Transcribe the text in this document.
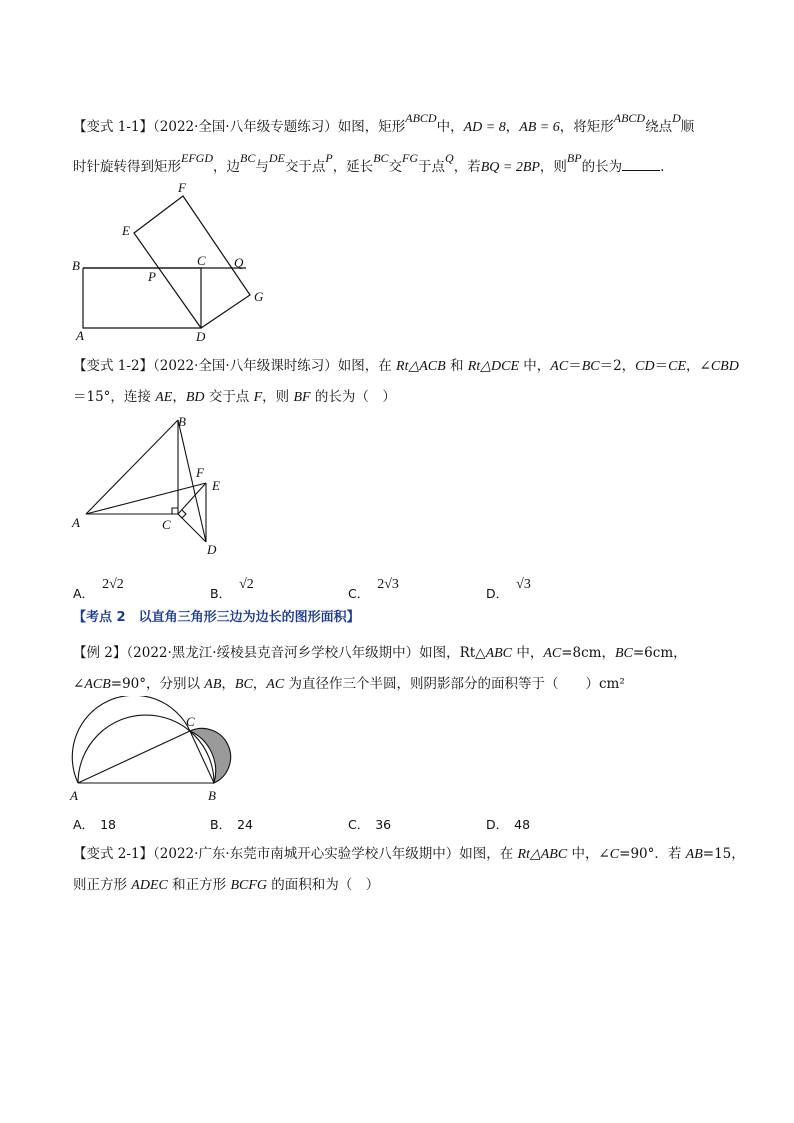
【变式 1-1】（2022·全国·八年级专题练习）如图，矩形ABCD中，AD = 8，AB = 6，将矩形ABCD绕点D顺
时针旋转得到矩形EFGD，边BC与DE交于点P，延长BC交FG于点Q，若BQ = 2BP，则BP的长为	.
F
E
B	C Q
P
G
A	D
【变式 1-2】（2022·全国·八年级课时练习）如图，在 Rt△ACB 和 Rt△DCE 中，AC＝BC＝2，CD＝CE，∠CBD
＝15°，连接 AE，BD 交于点 F，则 BF 的长为（　）
B
F
E
A	C
D
A．2√2
B．√2
C．2√3
D．√3
【考点 2　以直角三角形三边为边长的图形面积】
【例 2】（2022·黑龙江·绥棱县克音河乡学校八年级期中）如图，Rt△ABC 中，AC=8cm，BC=6cm，
∠ACB=90°，分别以 AB，BC，AC 为直径作三个半圆，则阴影部分的面积等于（　　）cm²
C
A	B
A． 18	B． 24	C． 36	D． 48
【变式 2-1】（2022·广东·东莞市南城开心实验学校八年级期中）如图，在 Rt△ABC 中，∠C=90°．若 AB=15，
则正方形 ADEC 和正方形 BCFG 的面积和为（　）
